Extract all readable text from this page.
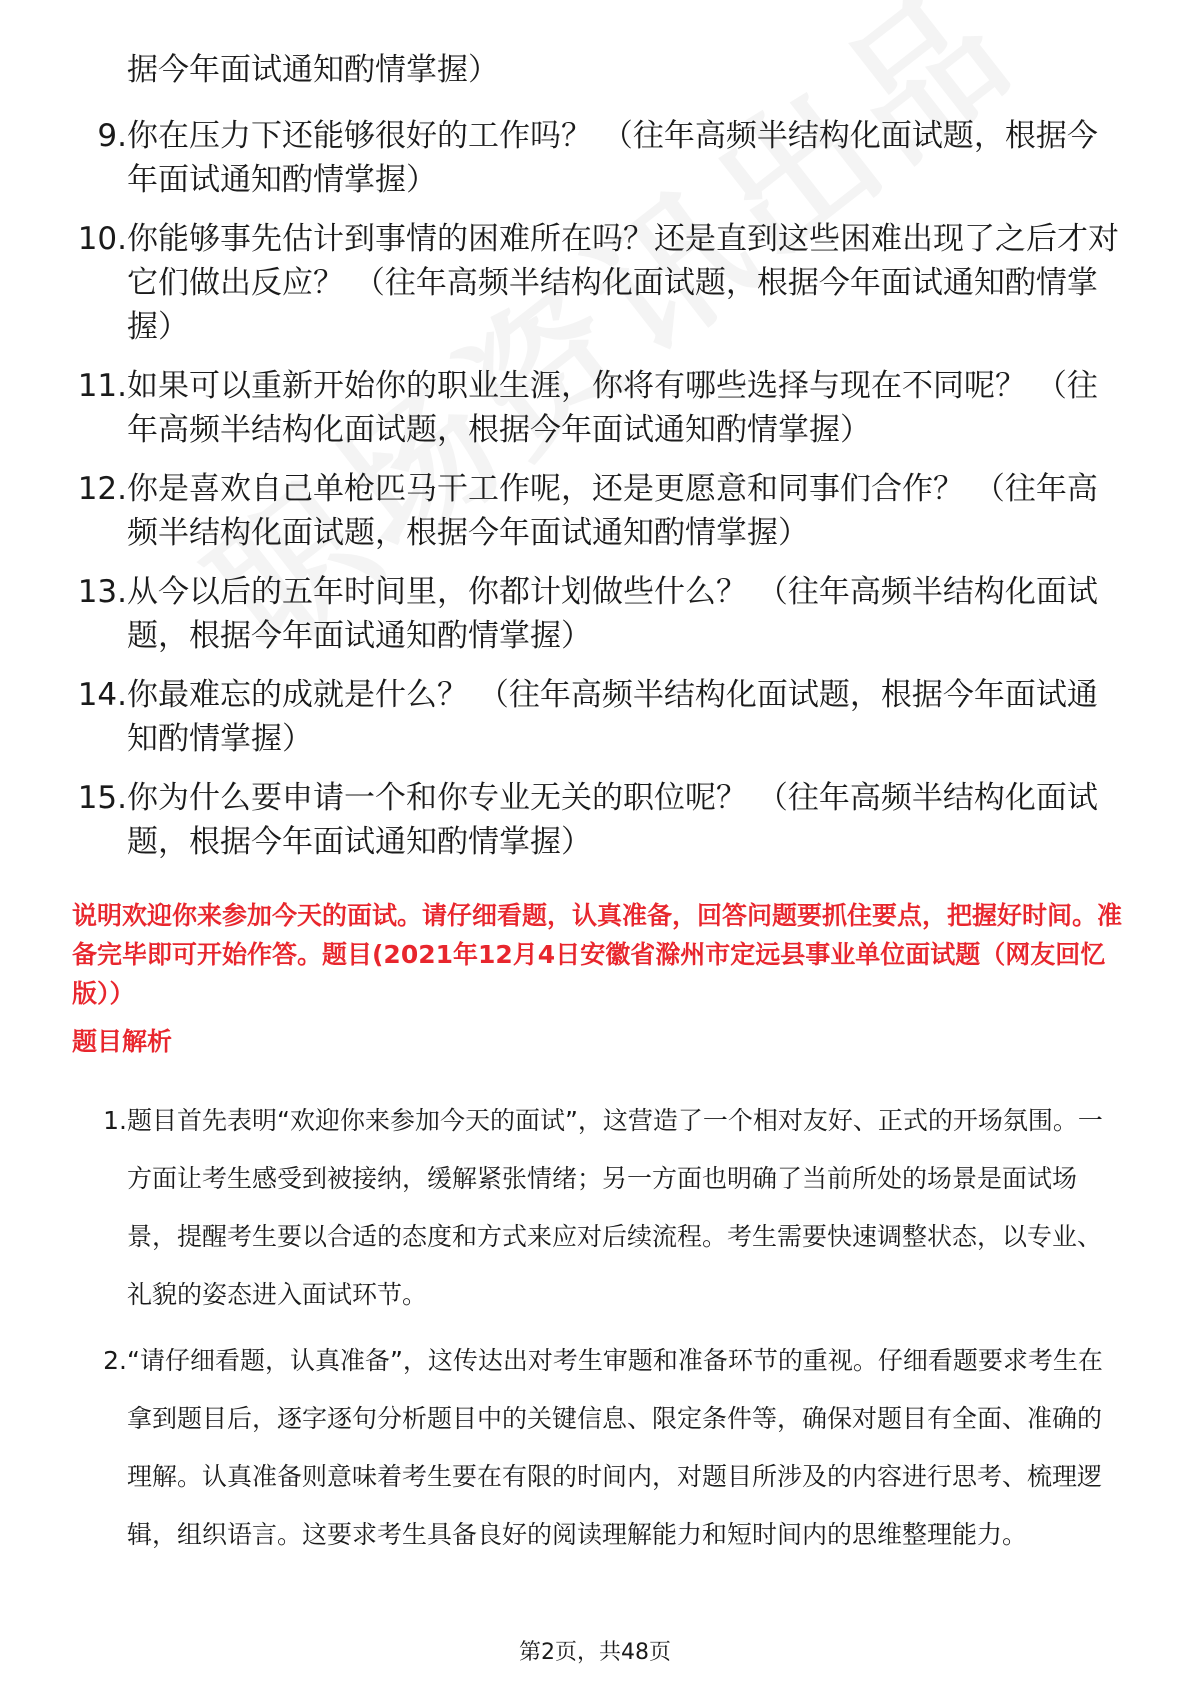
据今年面试通知酌情掌握）

9. 你在压力下还能够很好的工作吗？ （往年高频半结构化面试题，根据今年面试通知酌情掌握）
10. 你能够事先估计到事情的困难所在吗？还是直到这些困难出现了之后才对它们做出反应？ （往年高频半结构化面试题，根据今年面试通知酌情掌握）
11. 如果可以重新开始你的职业生涯，你将有哪些选择与现在不同呢？ （往年高频半结构化面试题，根据今年面试通知酌情掌握）
12. 你是喜欢自己单枪匹马干工作呢，还是更愿意和同事们合作？ （往年高频半结构化面试题，根据今年面试通知酌情掌握）
13. 从今以后的五年时间里，你都计划做些什么？ （往年高频半结构化面试题，根据今年面试通知酌情掌握）
14. 你最难忘的成就是什么？ （往年高频半结构化面试题，根据今年面试通知酌情掌握）
15. 你为什么要申请一个和你专业无关的职位呢？ （往年高频半结构化面试题，根据今年面试通知酌情掌握）

说明欢迎你来参加今天的面试。请仔细看题，认真准备，回答问题要抓住要点，把握好时间。准备完毕即可开始作答。题目(2021年12月4日安徽省滁州市定远县事业单位面试题（网友回忆版））

题目解析

1. 题目首先表明“欢迎你来参加今天的面试”，这营造了一个相对友好、正式的开场氛围。一方面让考生感受到被接纳，缓解紧张情绪；另一方面也明确了当前所处的场景是面试场景，提醒考生要以合适的态度和方式来应对后续流程。考生需要快速调整状态，以专业、礼貌的姿态进入面试环节。
2. “请仔细看题，认真准备”，这传达出对考生审题和准备环节的重视。仔细看题要求考生在拿到题目后，逐字逐句分析题目中的关键信息、限定条件等，确保对题目有全面、准确的理解。认真准备则意味着考生要在有限的时间内，对题目所涉及的内容进行思考、梳理逻辑，组织语言。这要求考生具备良好的阅读理解能力和短时间内的思维整理能力。
第2页，共48页
